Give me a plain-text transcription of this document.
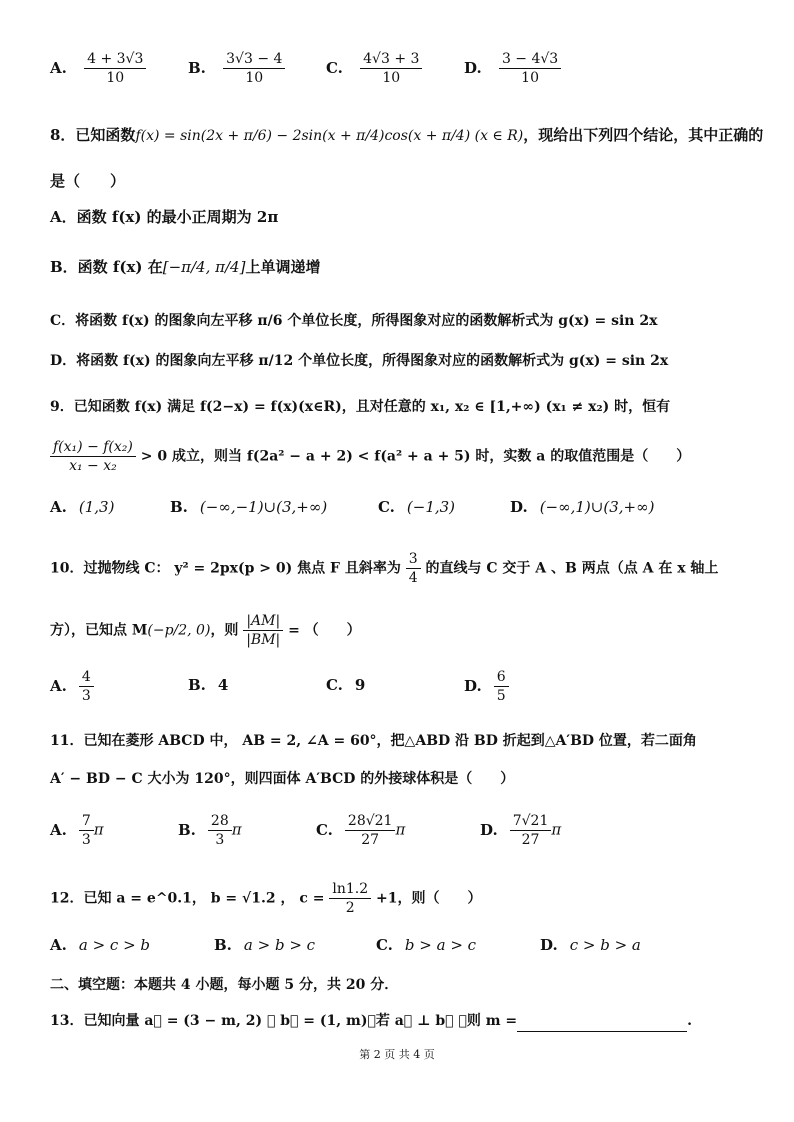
A. $\frac{4 + 3√3}{10}$	B. $\frac{3√3 - 4}{10}$	C. $\frac{4√3 + 3}{10}$	D. $\frac{3 - 4√3}{10}$
8．已知函数f(x) = sin(2x + π/6) − 2sin(x + π/4)cos(x + π/4) (x ∈ R)，现给出下列四个结论，其中正确的
是（　　）
A．函数 f(x) 的最小正周期为 2π
B．函数 f(x) 在[−π/4, π/4]上单调递增
C．将函数 f(x) 的图象向左平移 π/6 个单位长度，所得图象对应的函数解析式为 g(x) = sin 2x
D．将函数 f(x) 的图象向左平移 π/12 个单位长度，所得图象对应的函数解析式为 g(x) = sin 2x
9．已知函数 f(x) 满足 f(2−x) = f(x)(x∈R)，且对任意的 x₁, x₂ ∈ [1,+∞) (x₁ ≠ x₂) 时，恒有
$\frac{\text{f(x₁) − f(x₂)}}{\text{x₁ − x₂}} > 0$ 成立，则当 f(2a² − a + 2) < f(a² + a + 5) 时，实数 a 的取值范围是（　　）
A. (1,3)	B. (−∞,−1)∪(3,+∞)	C. (−1,3)	D. (−∞,1)∪(3,+∞)
10．过抛物线 C： y² = 2px(p > 0) 焦点 F 且斜率为 $\frac{3}{4}$ 的直线与 C 交于 A 、B 两点（点 A 在 x 轴上
方），已知点 M(−p/2, 0)，则 $\frac{|AM|}{|BM|}$ = （　　）
A. $\frac{4}{3}$	B. 4	C. 9	D. $\frac{6}{5}$
11．已知在菱形 ABCD 中， AB = 2, ∠A = 60°，把△ABD 沿 BD 折起到△A′BD 位置，若二面角
A′ − BD − C 大小为 120°，则四面体 A′BCD 的外接球体积是（　　）
A. $\frac{7}{3}$ π	B. $\frac{28}{3}$ π	C. $\frac{28√21}{27}$ π	D. $\frac{7√21}{27}$ π
12．已知 a = e^0.1， b = √1.2 ， $c = \frac{\ln 1.2}{2} +1$，则（　　）
A. a > c > b	B. a > b > c	C. b > a > c	D. c > b > a
二、填空题：本题共 4 小题，每小题 5 分，共 20 分．
13．已知向量 a⃗ = (3 − m, 2) ， b⃗ = (1, m)，若 a⃗ ⊥ b⃗ ，则 m =	.
第 2 页 共 4 页
